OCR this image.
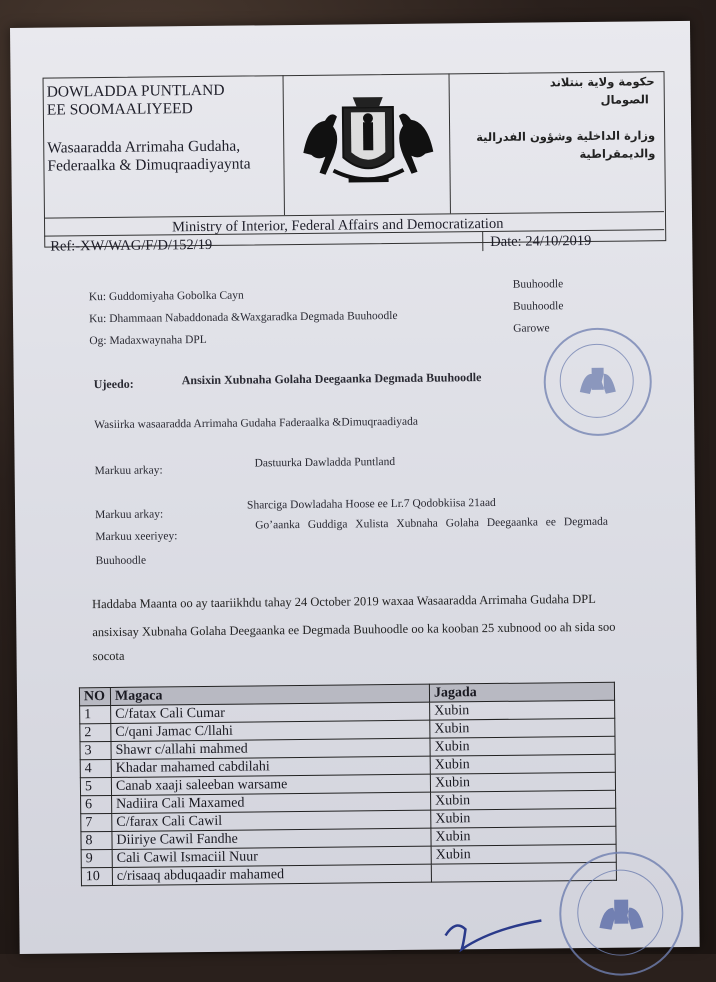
DOWLADDA PUNTLAND
EE SOOMAALIYEED
Wasaaradda Arrimaha Gudaha,
Federaalka & Dimuqraadiyaynta
حكومة ولاية بنتلاند
الصومال
وزارة الداخلية وشؤون الفدرالية
والديمقراطية
Ministry of Interior, Federal Affairs and Democratization
Ref:-XW/WAG/F/D/152/19	Date: 24/10/2019
Ku: Guddomiyaha Gobolka Cayn
Buuhoodle
Ku: Dhammaan Nabaddonada &Waxgaradka Degmada Buuhoodle
Buuhoodle
Og: Madaxwaynaha DPL
Garowe
Ujeedo:	Ansixin Xubnaha Golaha Deegaanka Degmada Buuhoodle
Wasiirka wasaaradda Arrimaha Gudaha Faderaalka &Dimuqraadiyada
Markuu arkay:
Dastuurka Dawladda Puntland
Markuu arkay:
Sharciga Dowladaha Hoose ee Lr.7 Qodobkiisa 21aad
Markuu xeeriyey:
Go’aanka Guddiga Xulista Xubnaha Golaha Deegaanka ee Degmada
Buuhoodle
Haddaba Maanta oo ay taariikhdu tahay 24 October 2019 waxaa Wasaaradda Arrimaha Gudaha DPL
ansixisay Xubnaha Golaha Deegaanka ee Degmada Buuhoodle oo ka kooban 25 xubnood oo ah sida soo
socota
NO	Magaca	Jagada
1	C/fatax Cali Cumar	Xubin
2	C/qani Jamac C/llahi	Xubin
3	Shawr c/allahi mahmed	Xubin
4	Khadar mahamed cabdilahi	Xubin
5	Canab xaaji saleeban warsame	Xubin
6	Nadiira Cali Maxamed	Xubin
7	C/farax Cali Cawil	Xubin
8	Diiriye Cawil Fandhe	Xubin
9	Cali Cawil Ismaciil Nuur	Xubin
10	c/risaaq abduqaadir mahamed	
